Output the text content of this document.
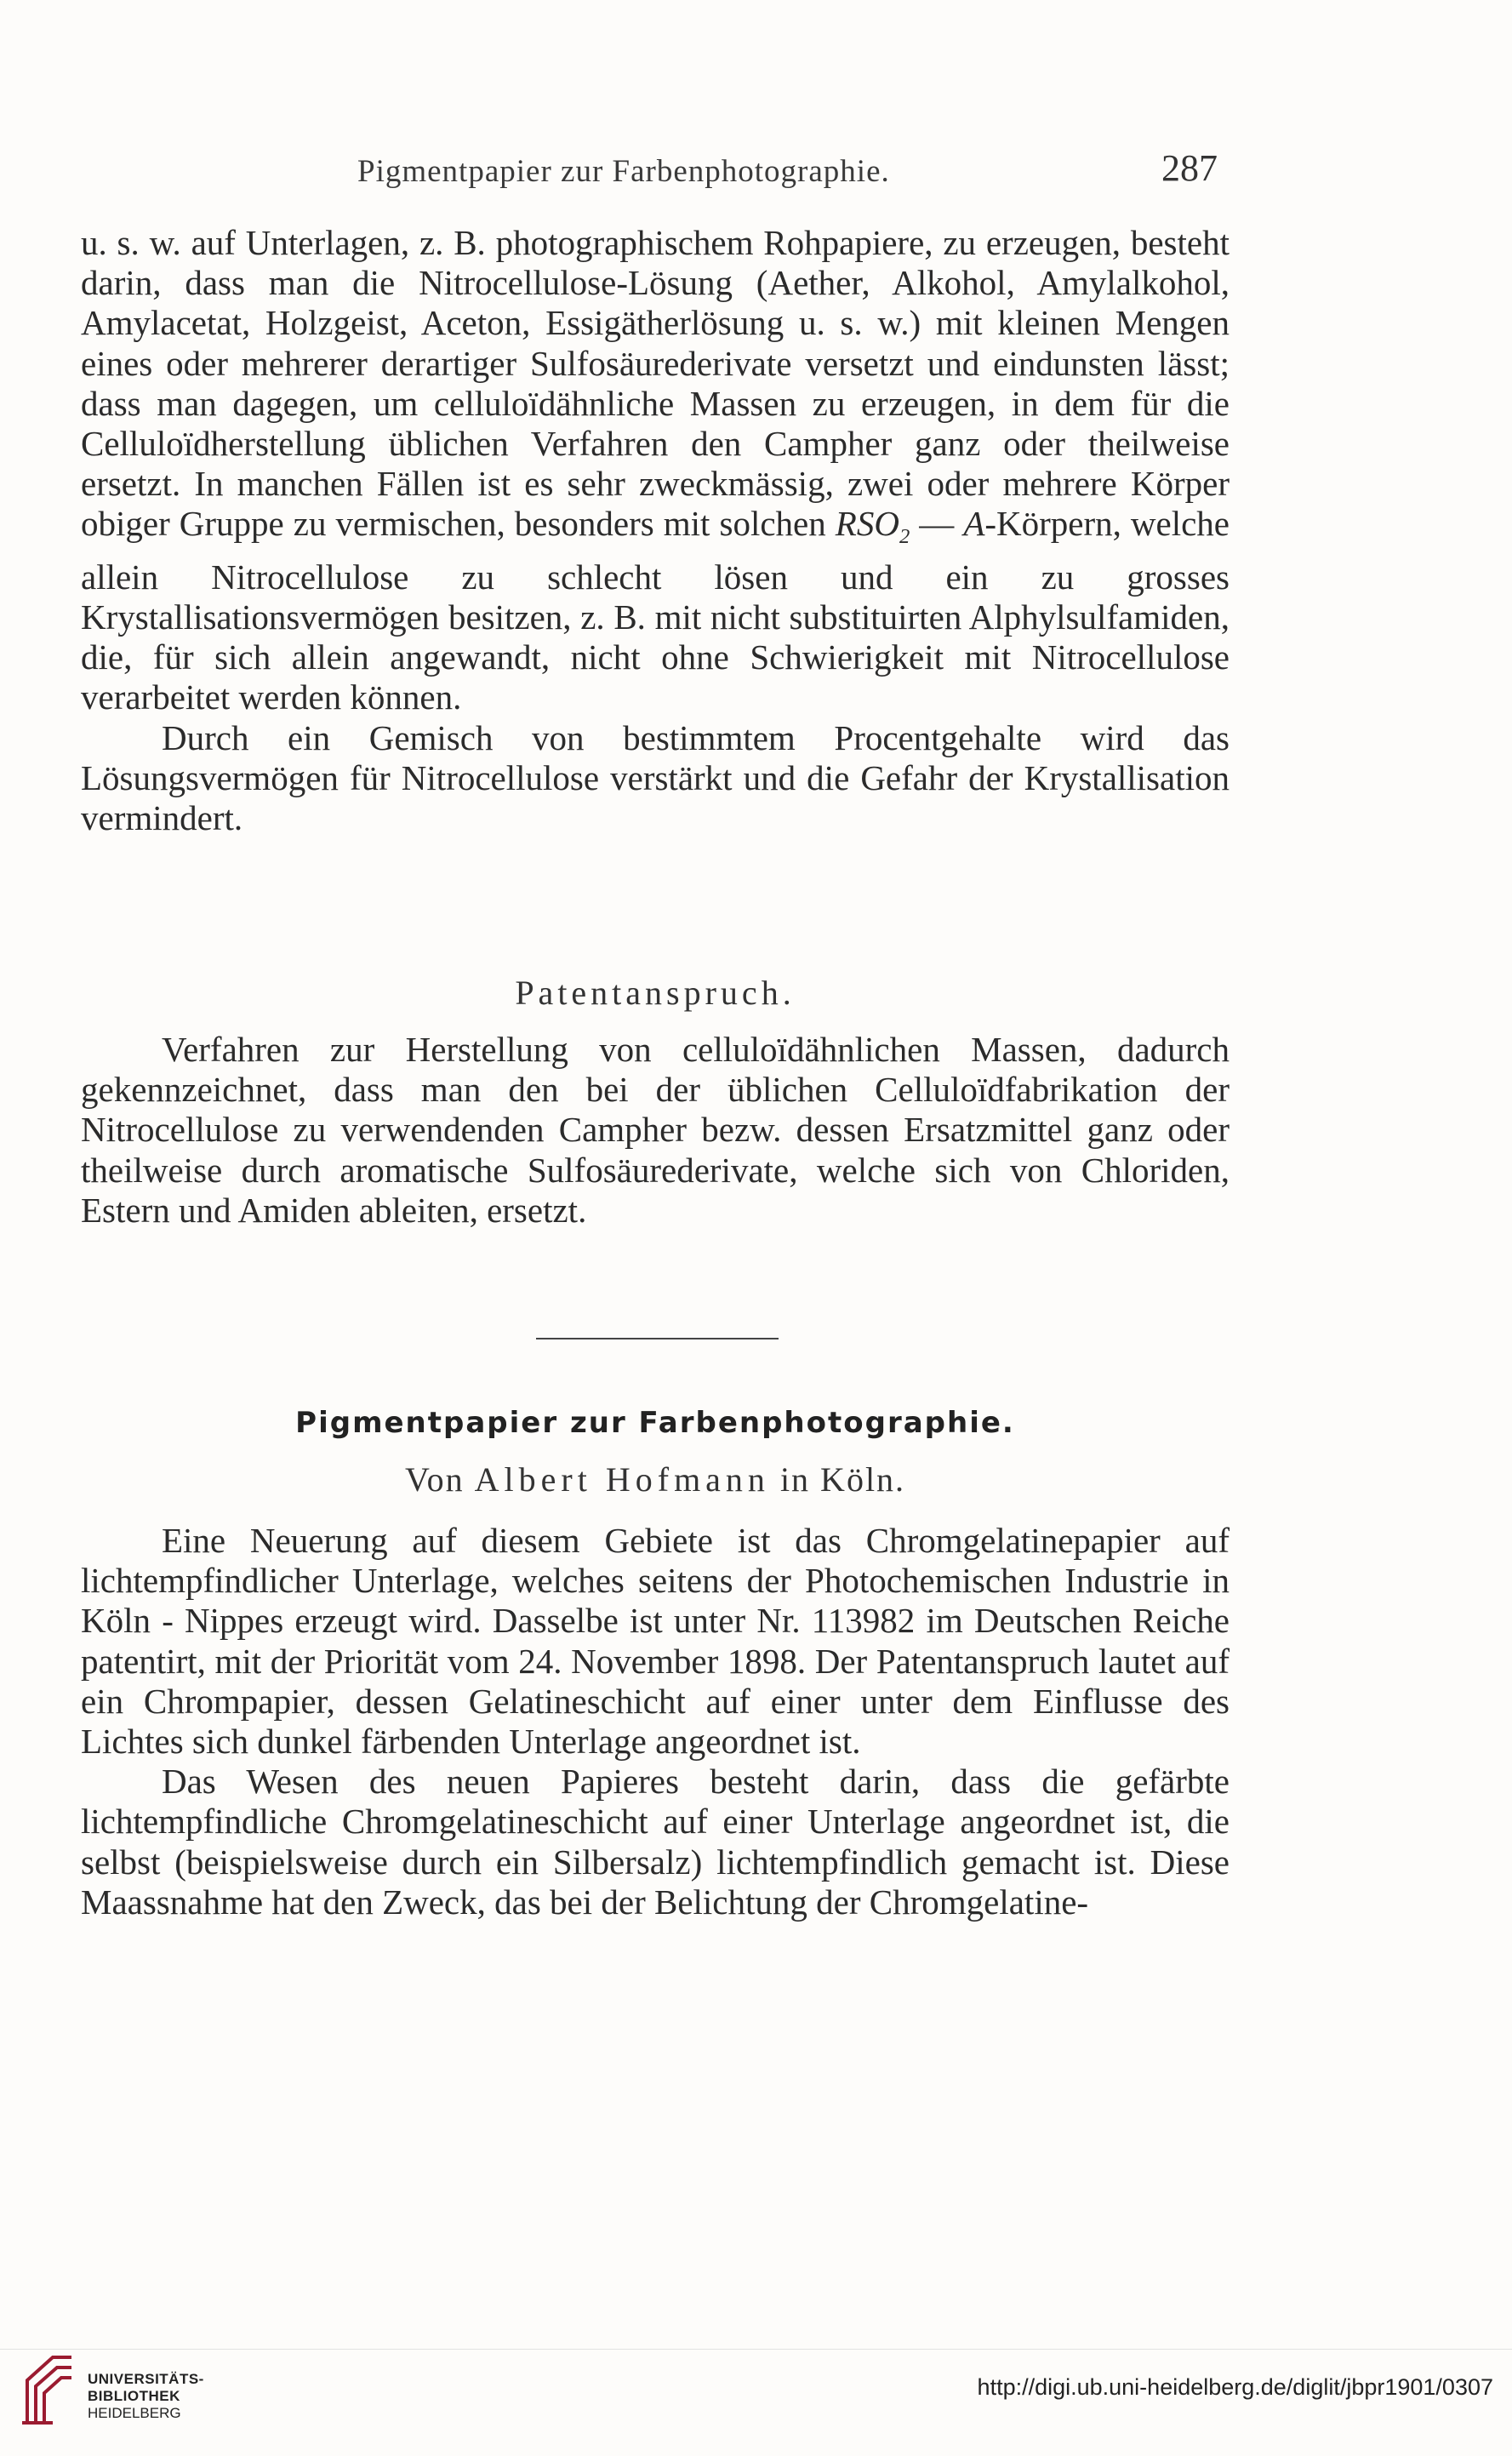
Pigmentpapier zur Farbenphotographie.	287

u. s. w. auf Unterlagen, z. B. photographischem Rohpapiere, zu erzeugen, besteht darin, dass man die Nitrocellulose-Lösung (Aether, Alkohol, Amylalkohol, Amylacetat, Holzgeist, Aceton, Essigätherlösung u. s. w.) mit kleinen Mengen eines oder mehrerer derartiger Sulfosäurederivate versetzt und eindunsten lässt; dass man dagegen, um celluloïdähnliche Massen zu erzeugen, in dem für die Celluloïdherstellung üblichen Verfahren den Campher ganz oder theilweise ersetzt. In manchen Fällen ist es sehr zweckmässig, zwei oder mehrere Körper obiger Gruppe zu vermischen, besonders mit solchen $RSO_2$ — A-Körpern, welche allein Nitrocellulose zu schlecht lösen und ein zu grosses Krystallisationsvermögen besitzen, z. B. mit nicht substituirten Alphylsulfamiden, die, für sich allein angewandt, nicht ohne Schwierigkeit mit Nitrocellulose verarbeitet werden können.

Durch ein Gemisch von bestimmtem Procentgehalte wird das Lösungsvermögen für Nitrocellulose verstärkt und die Gefahr der Krystallisation vermindert.

Patentanspruch.

Verfahren zur Herstellung von celluloïdähnlichen Massen, dadurch gekennzeichnet, dass man den bei der üblichen Celluloïdfabrikation der Nitrocellulose zu verwendenden Campher bezw. dessen Ersatzmittel ganz oder theilweise durch aromatische Sulfosäurederivate, welche sich von Chloriden, Estern und Amiden ableiten, ersetzt.

Pigmentpapier zur Farbenphotographie.
Von Albert Hofmann in Köln.

Eine Neuerung auf diesem Gebiete ist das Chromgelatinepapier auf lichtempfindlicher Unterlage, welches seitens der Photochemischen Industrie in Köln - Nippes erzeugt wird. Dasselbe ist unter Nr. 113982 im Deutschen Reiche patentirt, mit der Priorität vom 24. November 1898. Der Patentanspruch lautet auf ein Chrompapier, dessen Gelatineschicht auf einer unter dem Einflusse des Lichtes sich dunkel färbenden Unterlage angeordnet ist.

Das Wesen des neuen Papieres besteht darin, dass die gefärbte lichtempfindliche Chromgelatineschicht auf einer Unterlage angeordnet ist, die selbst (beispielsweise durch ein Silbersalz) lichtempfindlich gemacht ist. Diese Maassnahme hat den Zweck, das bei der Belichtung der Chromgelatine-

UNIVERSITÄTS-
BIBLIOTHEK
HEIDELBERG
http://digi.ub.uni-heidelberg.de/diglit/jbpr1901/0307
